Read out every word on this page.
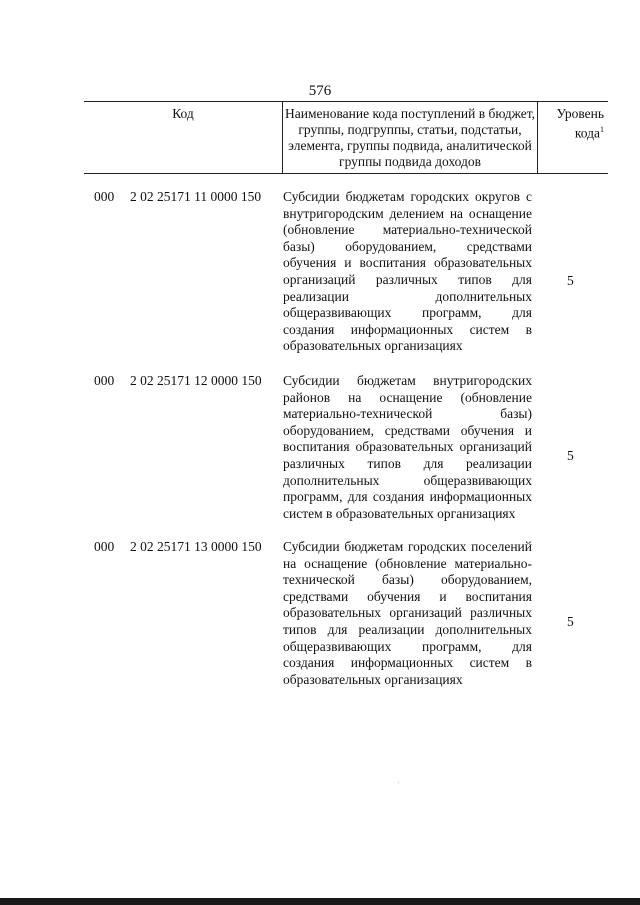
576
Код	Наименование кода поступлений в бюджет, группы, подгруппы, статьи, подстатьи, элемента, группы подвида, аналитической группы подвида доходов
Уровень кода$^1$
000 2 02 25171 11 0000 150 Субсидии бюджетам городских округов с внутригородским делением на оснащение (обновление материально-технической базы) оборудованием, средствами обучения и воспитания образовательных организаций различных типов для реализации дополнительных общеразвивающих программ, для создания информационных систем в образовательных организациях
5
000 2 02 25171 12 0000 150 Субсидии бюджетам внутригородских районов на оснащение (обновление материально-технической базы) оборудованием, средствами обучения и воспитания образовательных организаций различных типов для реализации дополнительных общеразвивающих программ, для создания информационных систем в образовательных организациях
5
000 2 02 25171 13 0000 150 Субсидии бюджетам городских поселений на оснащение (обновление материально-технической базы) оборудованием, средствами обучения и воспитания образовательных организаций различных типов для реализации дополнительных общеразвивающих программ, для создания информационных систем в образовательных организациях
5
